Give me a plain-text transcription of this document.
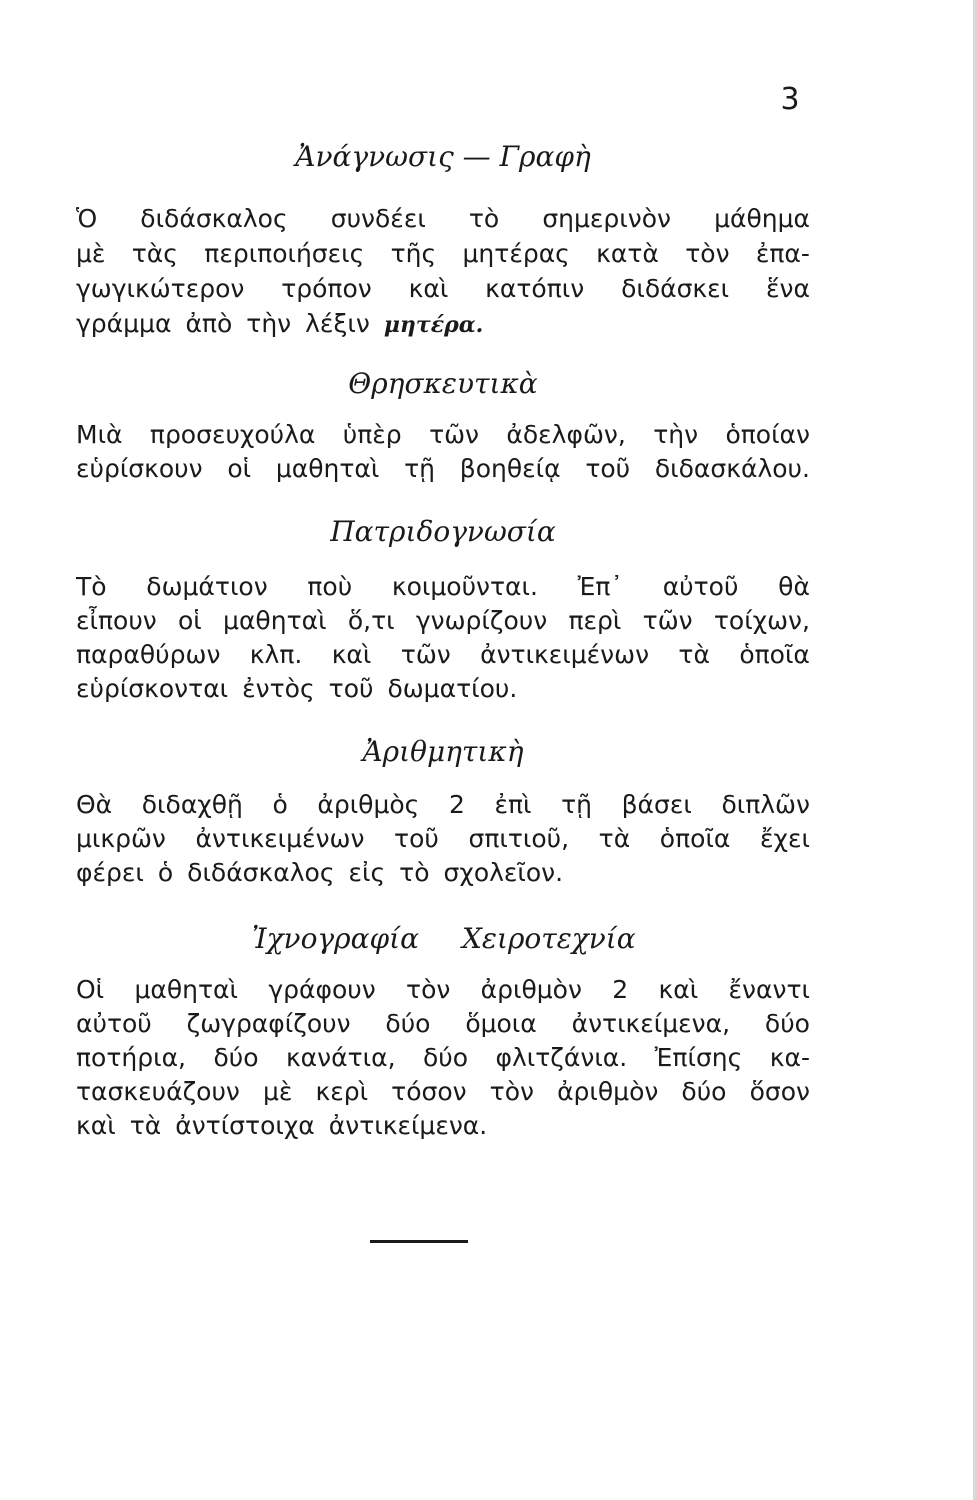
3
Ἀνάγνωσις — Γραφὴ
Ὁ διδάσκαλος συνδέει τὸ σημερινὸν μάθημα
μὲ τὰς περιποιήσεις τῆς μητέρας κατὰ τὸν ἐπα-
γωγικώτερον τρόπον καὶ κατόπιν διδάσκει ἕνα
γράμμα ἀπὸ τὴν λέξιν μητέρα.
Θρησκευτικὰ
Μιὰ προσευχούλα ὑπὲρ τῶν ἀδελφῶν, τὴν ὁποίαν
εὑρίσκουν οἱ μαθηταὶ τῇ βοηθείᾳ τοῦ διδασκάλου.
Πατριδογνωσία
Τὸ δωμάτιον ποὺ κοιμοῦνται. Ἐπ᾽ αὐτοῦ θὰ
εἶπουν οἱ μαθηταὶ ὅ,τι γνωρίζουν περὶ τῶν τοίχων,
παραθύρων κλπ. καὶ τῶν ἀντικειμένων τὰ ὁποῖα
εὑρίσκονται ἐντὸς τοῦ δωματίου.
Ἀριθμητικὴ
Θὰ διδαχθῇ ὁ ἀριθμὸς 2 ἐπὶ τῇ βάσει διπλῶν
μικρῶν ἀντικειμένων τοῦ σπιτιοῦ, τὰ ὁποῖα ἔχει
φέρει ὁ διδάσκαλος εἰς τὸ σχολεῖον.
Ἰχνογραφία Χειροτεχνία
Οἱ μαθηταὶ γράφουν τὸν ἀριθμὸν 2 καὶ ἔναντι
αὐτοῦ ζωγραφίζουν δύο ὅμοια ἀντικείμενα, δύο
ποτήρια, δύο κανάτια, δύο φλιτζάνια. Ἐπίσης κα-
τασκευάζουν μὲ κερὶ τόσον τὸν ἀριθμὸν δύο ὅσον
καὶ τὰ ἀντίστοιχα ἀντικείμενα.
